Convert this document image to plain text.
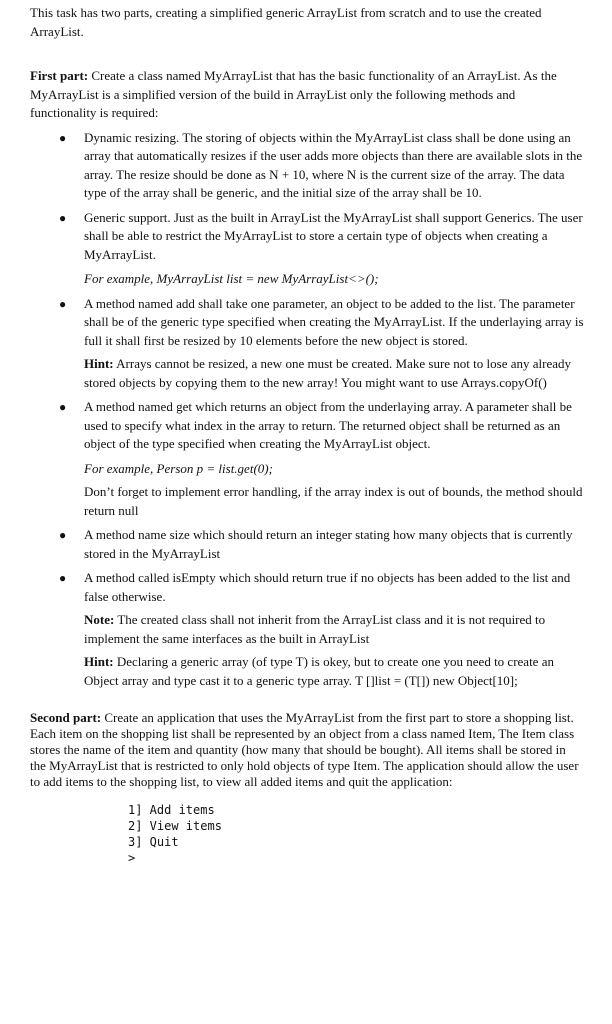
This task has two parts, creating a simplified generic ArrayList from scratch and to use the created ArrayList.

First part: Create a class named MyArrayList that has the basic functionality of an ArrayList. As the MyArrayList is a simplified version of the build in ArrayList only the following methods and functionality is required:

● Dynamic resizing. The storing of objects within the MyArrayList class shall be done using an array that automatically resizes if the user adds more objects than there are available slots in the array. The resize should be done as N + 10, where N is the current size of the array. The data type of the array shall be generic, and the initial size of the array shall be 10.

● Generic support. Just as the built in ArrayList the MyArrayList shall support Generics. The user shall be able to restrict the MyArrayList to store a certain type of objects when creating a MyArrayList.

For example, MyArrayList list = new MyArrayList<>();

● A method named add shall take one parameter, an object to be added to the list. The parameter shall be of the generic type specified when creating the MyArrayList. If the underlaying array is full it shall first be resized by 10 elements before the new object is stored.

Hint: Arrays cannot be resized, a new one must be created. Make sure not to lose any already stored objects by copying them to the new array! You might want to use Arrays.copyOf()

● A method named get which returns an object from the underlaying array. A parameter shall be used to specify what index in the array to return. The returned object shall be returned as an object of the type specified when creating the MyArrayList object.

For example, Person p = list.get(0);

Don’t forget to implement error handling, if the array index is out of bounds, the method should return null

● A method name size which should return an integer stating how many objects that is currently stored in the MyArrayList

● A method called isEmpty which should return true if no objects has been added to the list and false otherwise.

Note: The created class shall not inherit from the ArrayList class and it is not required to implement the same interfaces as the built in ArrayList

Hint: Declaring a generic array (of type T) is okey, but to create one you need to create an Object array and type cast it to a generic type array. T []list = (T[]) new Object[10];

Second part: Create an application that uses the MyArrayList from the first part to store a shopping list. Each item on the shopping list shall be represented by an object from a class named Item, The Item class stores the name of the item and quantity (how many that should be bought). All items shall be stored in the MyArrayList that is restricted to only hold objects of type Item. The application should allow the user to add items to the shopping list, to view all added items and quit the application:

1] Add items
2] View items
3] Quit
>
